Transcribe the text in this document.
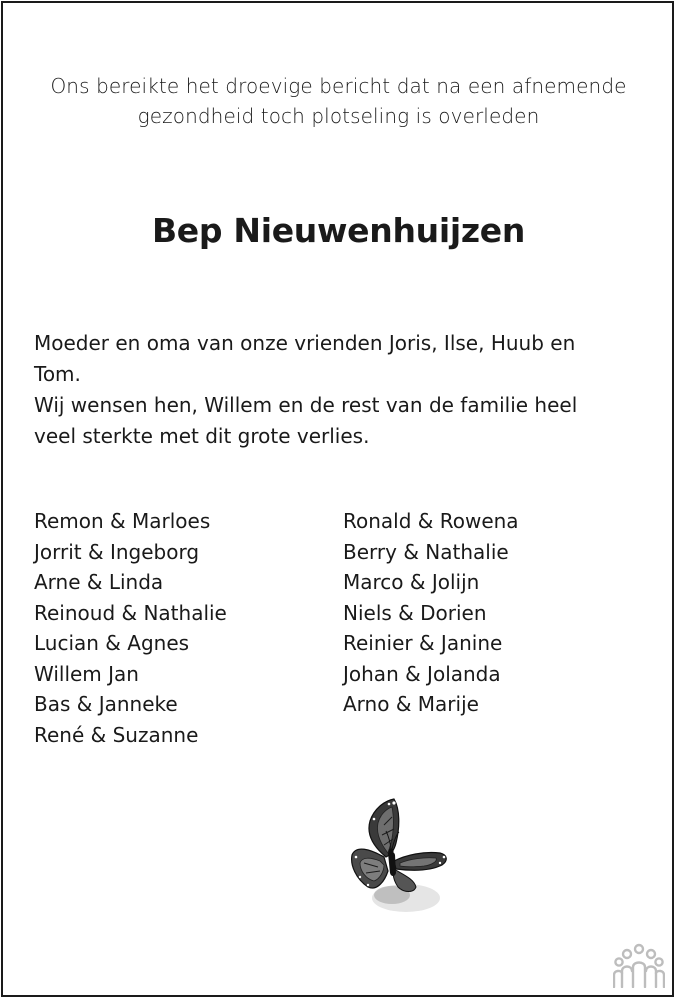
Ons bereikte het droevige bericht dat na een afnemende
gezondheid toch plotseling is overleden
Bep Nieuwenhuijzen
Moeder en oma van onze vrienden Joris, Ilse, Huub en
Tom.
Wij wensen hen, Willem en de rest van de familie heel
veel sterkte met dit grote verlies.
Remon & Marloes
Jorrit & Ingeborg
Arne & Linda
Reinoud & Nathalie
Lucian & Agnes
Willem Jan
Bas & Janneke
René & Suzanne
Ronald & Rowena
Berry & Nathalie
Marco & Jolijn
Niels & Dorien
Reinier & Janine
Johan & Jolanda
Arno & Marije
